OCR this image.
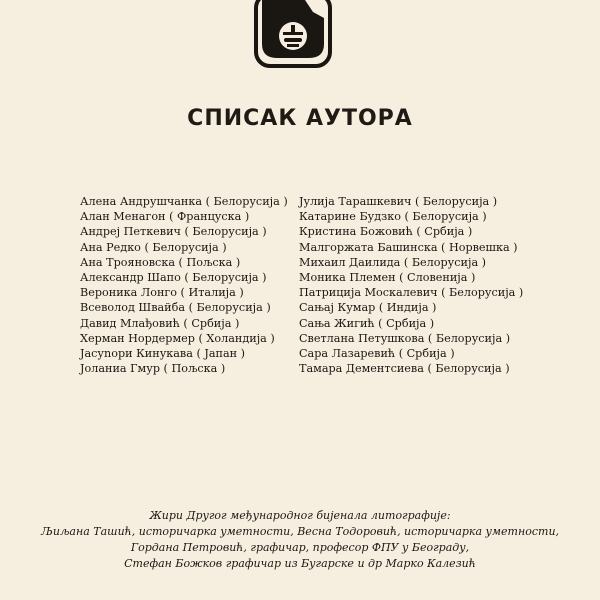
СПИСАК АУТОРА
Алена Андрушчанка ( Белорусија )
Алан Менагон ( Француска )
Андреј Петкевич ( Белорусија )
Ана Редко ( Белорусија )
Ана Трояновска ( Пољска )
Александр Шапо ( Белорусија )
Вероника Лонго ( Италија )
Всеволод Швайба ( Белорусија )
Давид Млађовић ( Србија )
Херман Нордермер ( Холандија )
Јасуnори Кинукава ( Јапан )
Јоланиа Гмур ( Пољска )
Јулија Тарашкевич ( Белорусија )
Катарине Будзко ( Белорусија )
Кристина Божовић ( Србија )
Малгоржата Башинска ( Норвешка )
Михаил Даилида ( Белорусија )
Моника Племен ( Словенија )
Патриција Москалевич ( Белорусија )
Сањај Кумар ( Индија )
Сања Жигић ( Србија )
Светлана Петушкова ( Белорусија )
Сара Лазаревић ( Србија )
Тамара Дементсиева ( Белорусија )
Жири Другог међународног бијенала литографије:
Љиљана Ташић, историчарка уметности, Весна Тодоровић, историчарка уметности,
Гордана Петровић, графичар, професор ФПУ у Београду,
Стефан Божков графичар из Бугарске и др Марко Калезић
